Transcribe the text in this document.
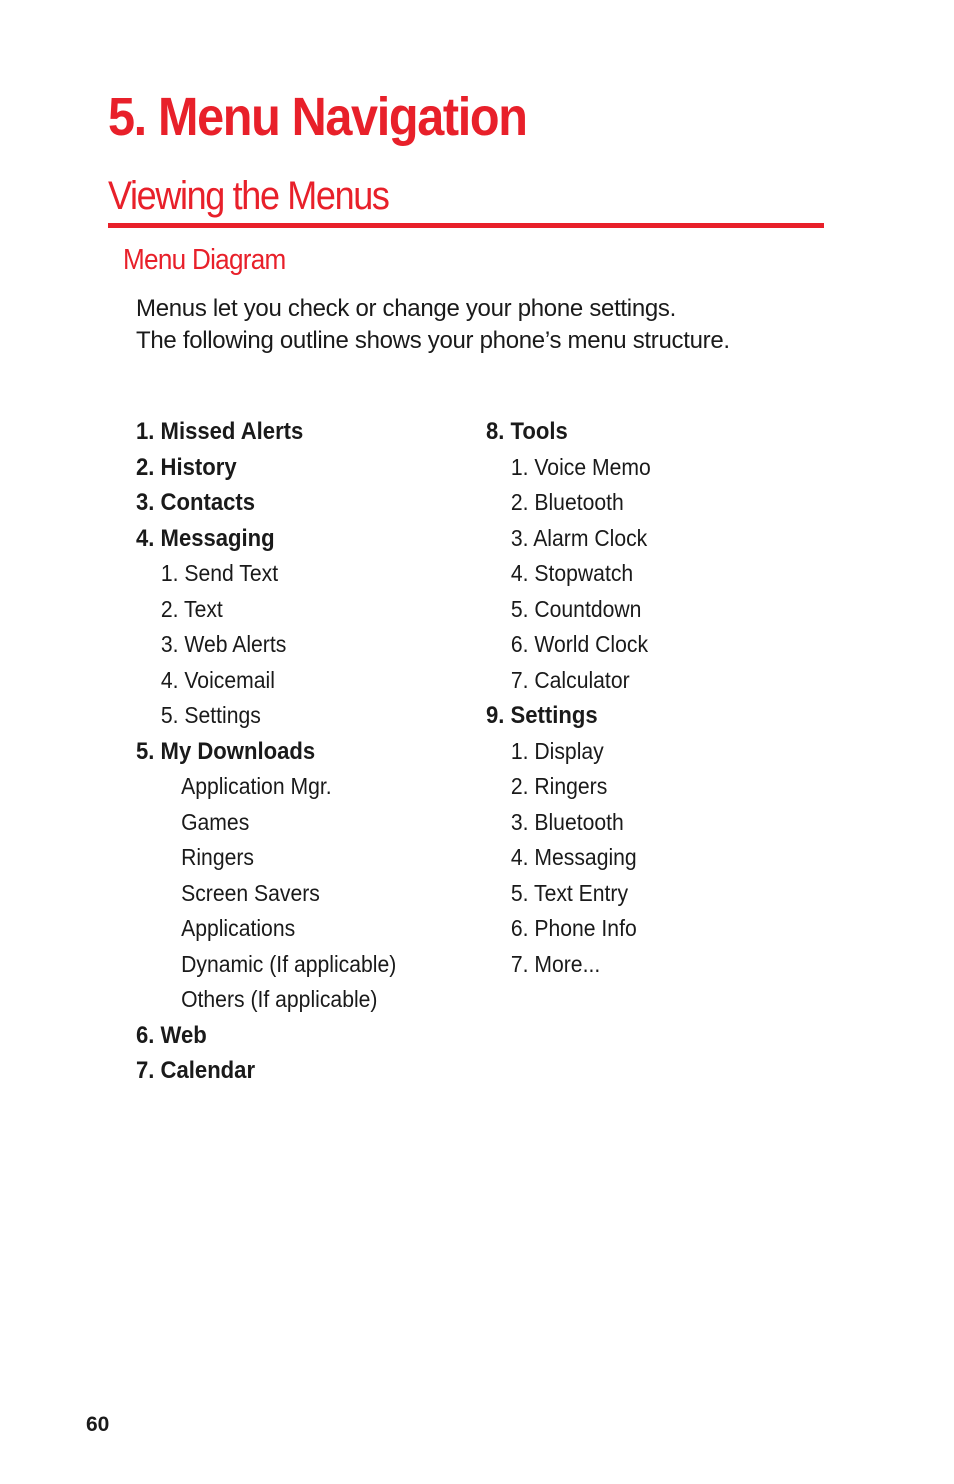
5. Menu Navigation
Viewing the Menus
Menu Diagram

Menus let you check or change your phone settings.
The following outline shows your phone’s menu structure.

1. Missed Alerts
2. History
3. Contacts
4. Messaging
1. Send Text
2. Text
3. Web Alerts
4. Voicemail
5. Settings
5. My Downloads
Application Mgr.
Games
Ringers
Screen Savers
Applications
Dynamic (If applicable)
Others (If applicable)
6. Web
7. Calendar
8. Tools
1. Voice Memo
2. Bluetooth
3. Alarm Clock
4. Stopwatch
5. Countdown
6. World Clock
7. Calculator
9. Settings
1. Display
2. Ringers
3. Bluetooth
4. Messaging
5. Text Entry
6. Phone Info
7. More...
60
